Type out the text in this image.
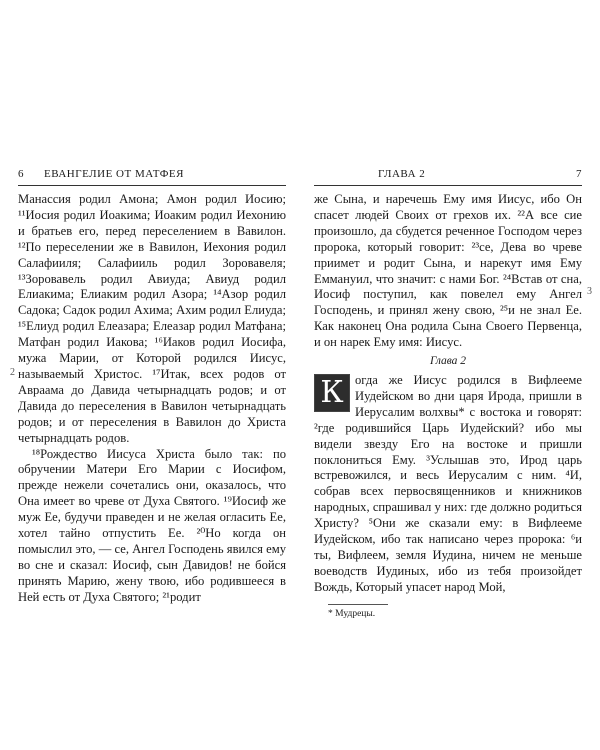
6 ЕВАНГЕЛИЕ ОТ МАТФЕЯ

Манассия родил Амона; Амон родил Иосию; ¹¹Иосия родил Иоакима; Иоаким родил Иехонию и братьев его, перед переселением в Вавилон. ¹²По переселении же в Вавилон, Иехония родил Салафииля; Салафииль родил Зоровавеля; ¹³Зоровавель родил Авиуда; Авиуд родил Елиакима; Елиаким родил Азора; ¹⁴Азор родил Садока; Садок родил Ахима; Ахим родил Елиуда; ¹⁵Елиуд родил Елеазара; Елеазар родил Матфана; Матфан родил Иакова; ¹⁶Иаков родил Иосифа, мужа Марии, от Которой родился Иисус, называемый Христос. ¹⁷Итак, всех родов от Авраама до Давида четырнадцать родов; и от Давида до переселения в Вавилон четырнадцать родов; и от переселения в Вавилон до Христа четырнадцать родов.

¹⁸Рождество Иисуса Христа было так: по обручении Матери Его Марии с Иосифом, прежде нежели сочетались они, оказалось, что Она имеет во чреве от Духа Святого. ¹⁹Иосиф же муж Ее, будучи праведен и не желая огласить Ее, хотел тайно отпустить Ее. ²⁰Но когда он помыслил это, — се, Ангел Господень явился ему во сне и сказал: Иосиф, сын Давидов! не бойся принять Марию, жену твою, ибо родившееся в Ней есть от Духа Святого; ²¹родит

2
ГЛАВА 2	7

же Сына, и наречешь Ему имя Иисус, ибо Он спасет людей Своих от грехов их. ²²А все сие произошло, да сбудется реченное Господом через пророка, который говорит: ²³се, Дева во чреве приимет и родит Сына, и нарекут имя Ему Еммануил, что значит: с нами Бог. ²⁴Встав от сна, Иосиф поступил, как повелел ему Ангел Господень, и принял жену свою, ²⁵и не знал Ее. Как наконец Она родила Сына Своего Первенца, и он нарек Ему имя: Иисус.

Глава 2

К огда же Иисус родился в Вифлееме Иудейском во дни царя Ирода, пришли в Иерусалим волхвы* с востока и говорят: ²где родившийся Царь Иудейский? ибо мы видели звезду Его на востоке и пришли поклониться Ему. ³Услышав это, Ирод царь встревожился, и весь Иерусалим с ним. ⁴И, собрав всех первосвященников и книжников народных, спрашивал у них: где должно родиться Христу? ⁵Они же сказали ему: в Вифлееме Иудейском, ибо так написано через пророка: ⁶и ты, Вифлеем, земля Иудина, ничем не меньше воеводств Иудиных, ибо из тебя произойдет Вождь, Который упасет народ Мой,

* Мудрецы.
3
